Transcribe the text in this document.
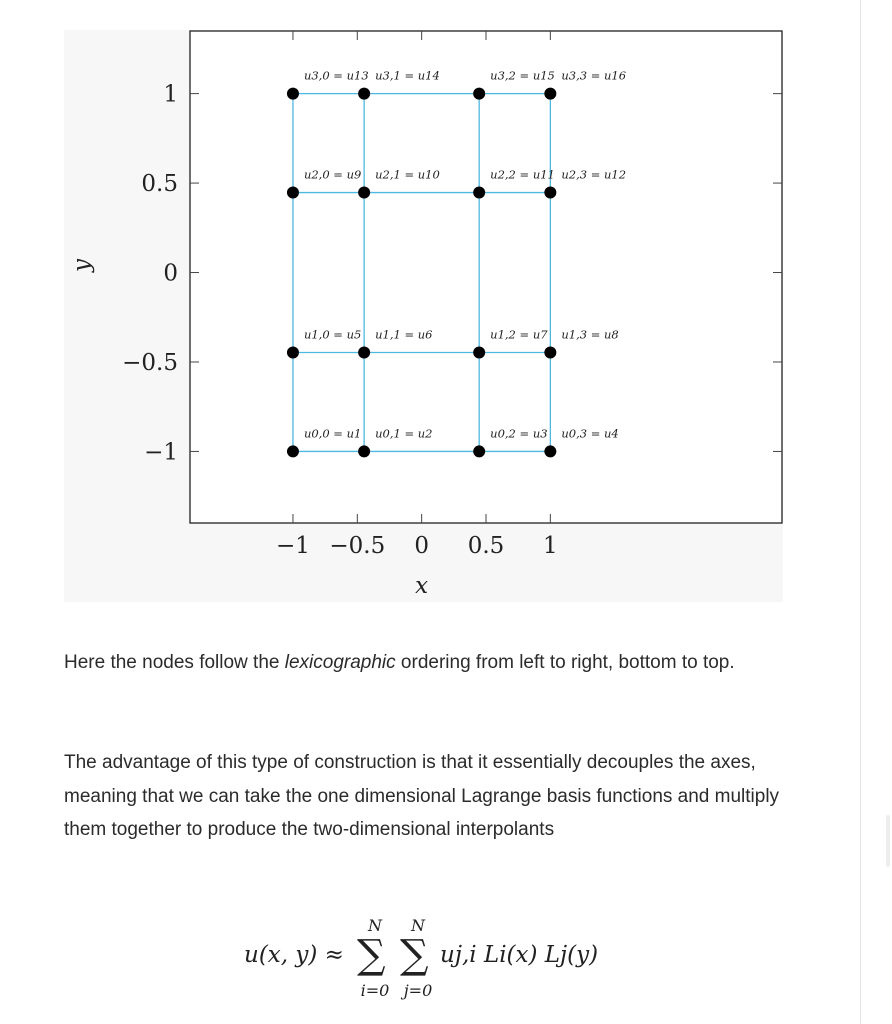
−1 −0.5 0 0.5 1
1
0.5
0
−0.5
−1
x
y
u0,0 = u1 u0,1 = u2	u0,2 = u3 u0,3 = u4
u1,0 = u5 u1,1 = u6	u1,2 = u7 u1,3 = u8
u2,0 = u9 u2,1 = u10	u2,2 = u11 u2,3 = u12
u3,0 = u13 u3,1 = u14	u3,2 = u15 u3,3 = u16

Here the nodes follow the lexicographic ordering from left to right, bottom to top.

The advantage of this type of construction is that it essentially decouples the axes, meaning that we can take the one dimensional Lagrange basis functions and multiply them together to produce the two-dimensional interpolants

u(x, y) ≈ ∑
N
i=0
∑
N
j=0
uj,i Li(x) Lj(y)
